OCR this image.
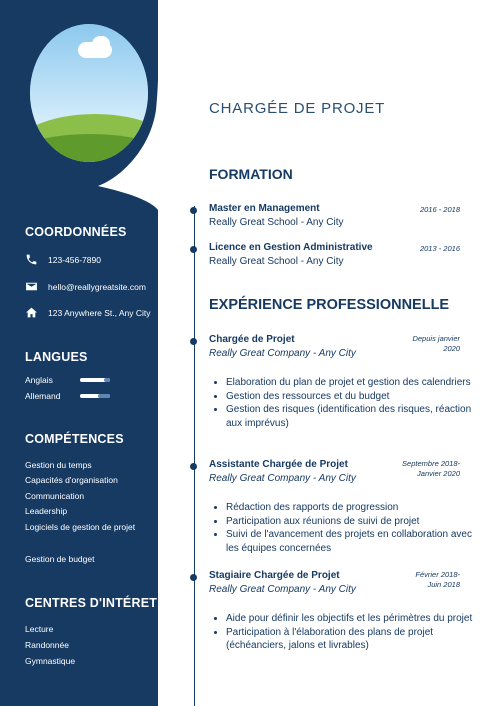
COORDONNÉES
123-456-7890
hello@reallygreatsite.com
123 Anywhere St., Any City
LANGUES
Anglais
Allemand
COMPÉTENCES
Gestion du temps
Capacités d'organisation
Communication
Leadership
Logiciels de gestion de projet
Gestion de budget
CENTRES D'INTÉRET
Lecture
Randonnée
Gymnastique
CHARGÉE DE PROJET
FORMATION
Master en Management	2016 - 2018
Really Great School - Any City
Licence en Gestion Administrative	2013 - 2016
Really Great School - Any City
EXPÉRIENCE PROFESSIONNELLE
Chargée de Projet	Depuis janvier
2020
Really Great Company - Any City
• Elaboration du plan de projet et gestion des calendriers
• Gestion des ressources et du budget
• Gestion des risques (identification des risques, réaction aux imprévus)
Assistante Chargée de Projet	Septembre 2018-
Janvier 2020
Really Great Company - Any City
• Rédaction des rapports de progression
• Participation aux réunions de suivi de projet
• Suivi de l'avancement des projets en collaboration avec les équipes concernées
Stagiaire Chargée de Projet	Février 2018-
Juin 2018
Really Great Company - Any City
• Aide pour définir les objectifs et les périmètres du projet
• Participation à l'élaboration des plans de projet (échéanciers, jalons et livrables)
